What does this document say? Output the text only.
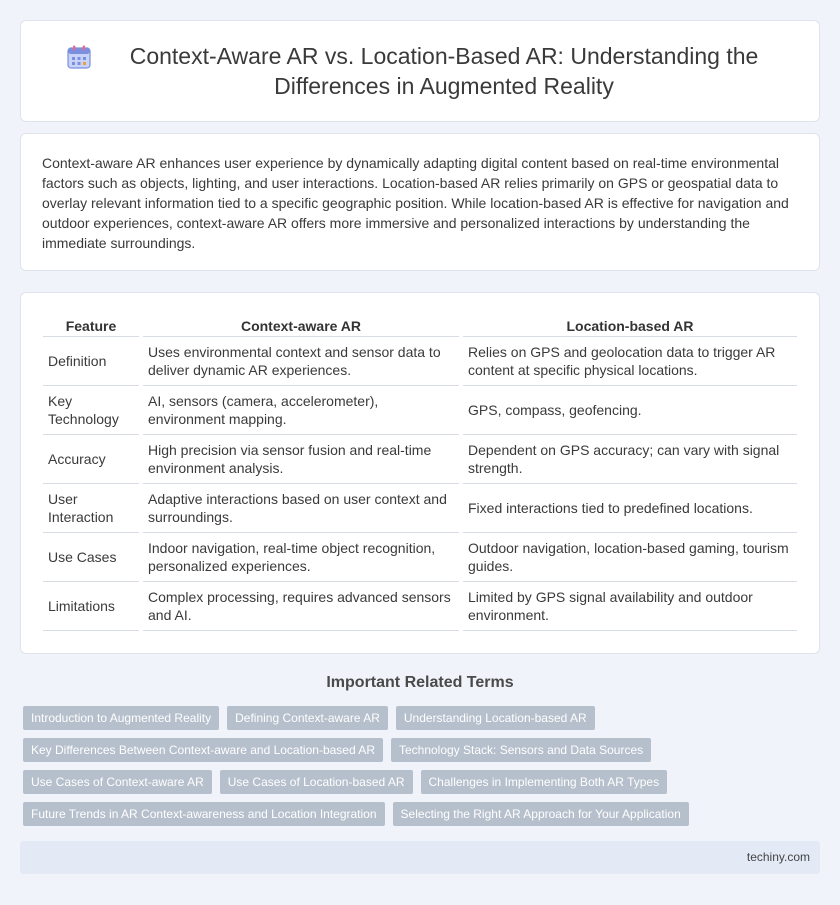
Context-Aware AR vs. Location-Based AR: Understanding the Differences in Augmented Reality

Context-aware AR enhances user experience by dynamically adapting digital content based on real-time environmental factors such as objects, lighting, and user interactions. Location-based AR relies primarily on GPS or geospatial data to overlay relevant information tied to a specific geographic position. While location-based AR is effective for navigation and outdoor experiences, context-aware AR offers more immersive and personalized interactions by understanding the immediate surroundings.

Feature	Context-aware AR	Location-based AR
Definition	Uses environmental context and sensor data to deliver dynamic AR experiences.	Relies on GPS and geolocation data to trigger AR content at specific physical locations.
Key Technology	AI, sensors (camera, accelerometer), environment mapping.	GPS, compass, geofencing.
Accuracy	High precision via sensor fusion and real-time environment analysis.	Dependent on GPS accuracy; can vary with signal strength.
User Interaction	Adaptive interactions based on user context and surroundings.	Fixed interactions tied to predefined locations.
Use Cases	Indoor navigation, real-time object recognition, personalized experiences.	Outdoor navigation, location-based gaming, tourism guides.
Limitations	Complex processing, requires advanced sensors and AI.	Limited by GPS signal availability and outdoor environment.
Important Related Terms
Introduction to Augmented Reality	Defining Context-aware AR	Understanding Location-based AR
Key Differences Between Context-aware and Location-based AR	Technology Stack: Sensors and Data Sources
Use Cases of Context-aware AR	Use Cases of Location-based AR	Challenges in Implementing Both AR Types
Future Trends in AR Context-awareness and Location Integration	Selecting the Right AR Approach for Your Application
techiny.com
